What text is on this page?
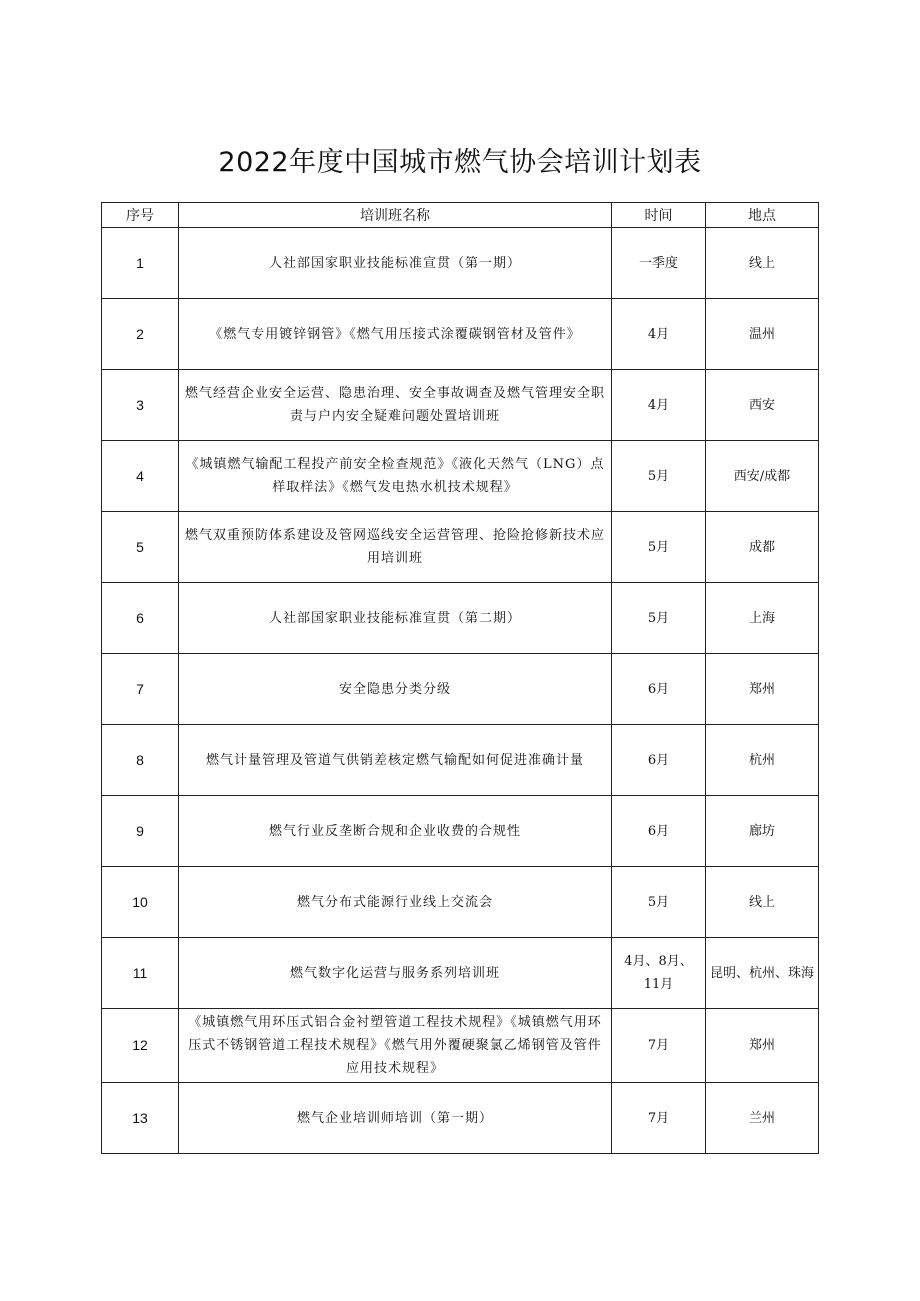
2022年度中国城市燃气协会培训计划表
序号	培训班名称	时间	地点
1	人社部国家职业技能标准宣贯（第一期）	一季度	线上
2	《燃气专用镀锌钢管》《燃气用压接式涂覆碳钢管材及管件》	4月	温州
3	燃气经营企业安全运营、隐患治理、安全事故调查及燃气管理安全职责与户内安全疑难问题处置培训班	4月	西安
4	《城镇燃气输配工程投产前安全检查规范》《液化天然气（LNG）点样取样法》《燃气发电热水机技术规程》	5月	西安/成都
5	燃气双重预防体系建设及管网巡线安全运营管理、抢险抢修新技术应用培训班	5月	成都
6	人社部国家职业技能标准宣贯（第二期）	5月	上海
7	安全隐患分类分级	6月	郑州
8	燃气计量管理及管道气供销差核定燃气输配如何促进准确计量	6月	杭州
9	燃气行业反垄断合规和企业收费的合规性	6月	廊坊
10	燃气分布式能源行业线上交流会	5月	线上
11	燃气数字化运营与服务系列培训班	4月、8月、11月	昆明、杭州、珠海
12	《城镇燃气用环压式铝合金衬塑管道工程技术规程》《城镇燃气用环压式不锈钢管道工程技术规程》《燃气用外覆硬聚氯乙烯钢管及管件应用技术规程》	7月	郑州
13	燃气企业培训师培训（第一期）	7月	兰州
